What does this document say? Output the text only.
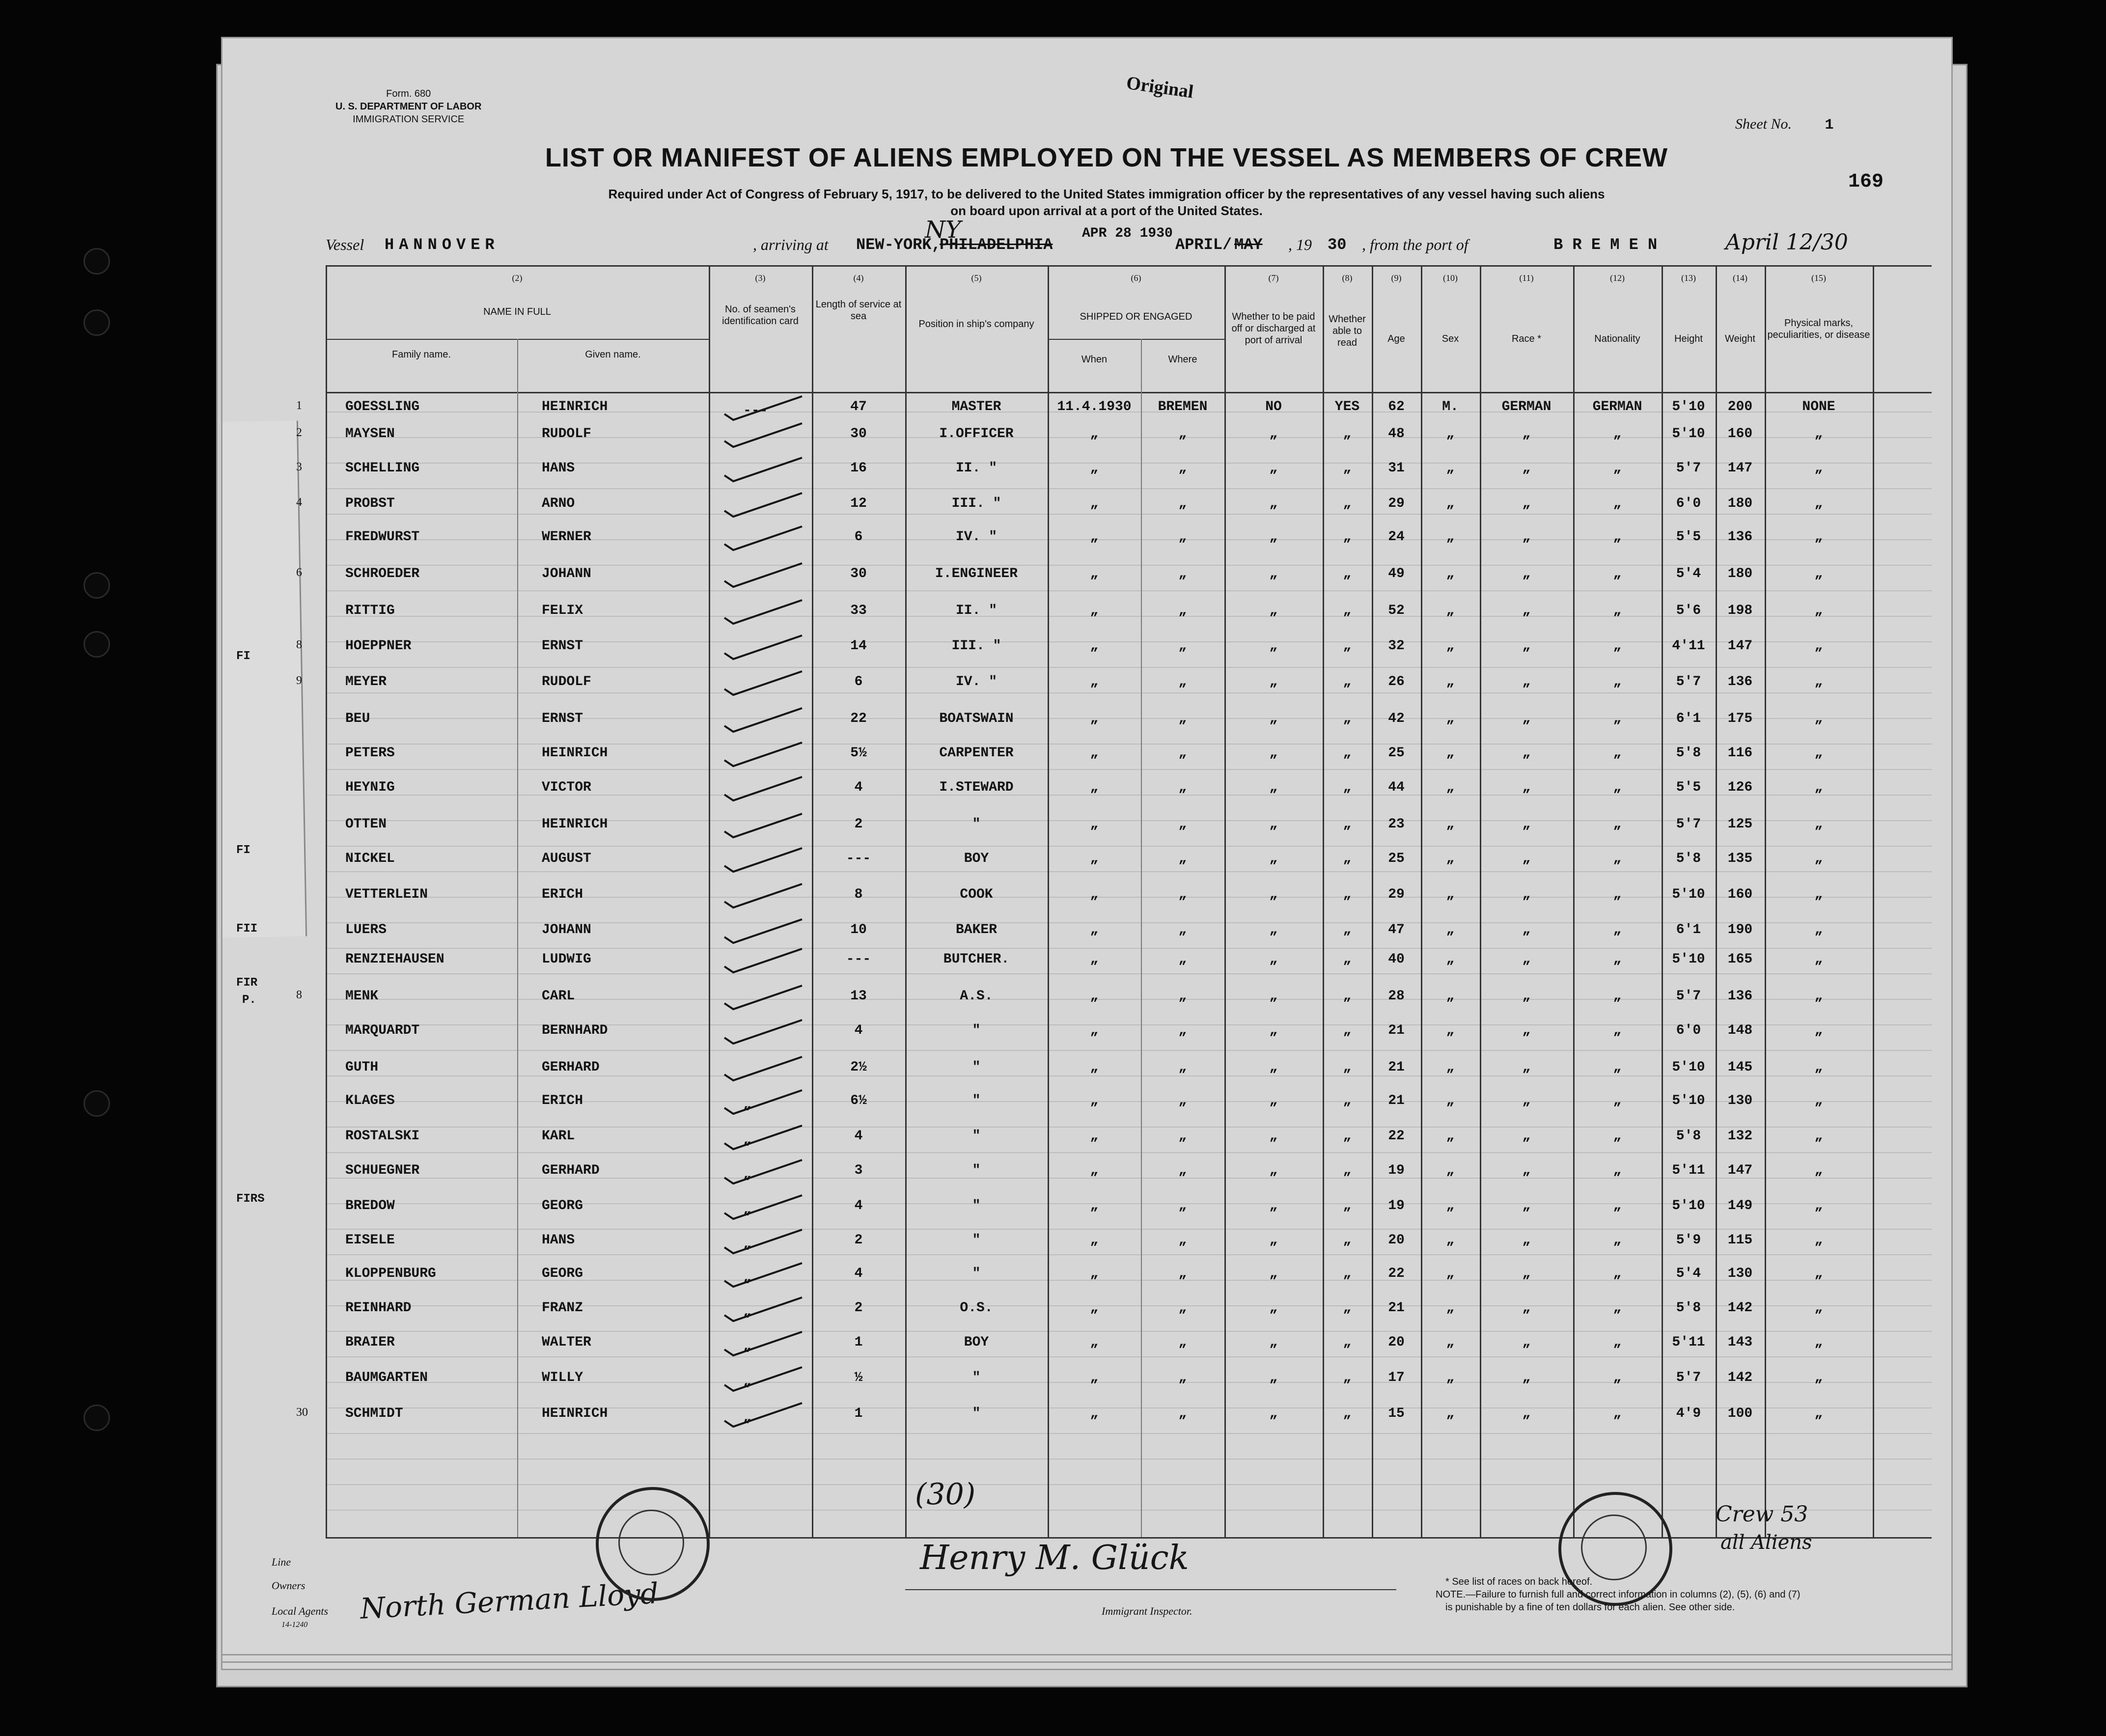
Form. 680
U. S. DEPARTMENT OF LABOR
IMMIGRATION SERVICE
Original
Sheet No. 1
LIST OR MANIFEST OF ALIENS EMPLOYED ON THE VESSEL AS MEMBERS OF CREW
Required under Act of Congress of February 5, 1917, to be delivered to the United States immigration officer by the representatives of any vessel having such aliens
on board upon arrival at a port of the United States.
169
APR 28 1930
Vessel HANNOVER	, arriving at NEW-YORK,
PHILADELPHIA
NY
APRIL/ MAY , 19 30 , from the port of	B R E M E N	April 12/30
(2)	(3)	(4)	(5)	(6)	(7)	(8)	(9)	(10)	(11)	(12)	(13)	(14)	(15)
NAME IN FULL
Family name.	Given name.
No. of seamen's identification card
Length of service at sea
Position in ship's company
SHIPPED OR ENGAGED
When	Where
Whether to be paid off or discharged at port of arrival
Whether able to read	Age	Sex	Race *	Nationality	Height	Weight
Physical marks, peculiarities, or disease
FI
FI
FII
FIR
P.
FIRS
1	GOESSLING	HEINRICH	47	MASTER	11.4.1930	BREMEN	NO	YES	62	M.	GERMAN	GERMAN	5'10	200	NONE
---
2	MAYSEN	RUDOLF	30	I.OFFICER	„	„	„	„	48	„	„	„	5'10	160	„
3	SCHELLING	HANS	16	II. "	„	„	„	„	31	„	„	„	5'7	147	„
4	PROBST	ARNO	12	III. "	„	„	„	„	29	„	„	„	6'0	180	„
FREDWURST	WERNER	6	IV. "	„	„	„	„	24	„	„	„	5'5	136	„
6	SCHROEDER	JOHANN	30	I.ENGINEER	„	„	„	„	49	„	„	„	5'4	180	„
RITTIG	FELIX	33	II. "	„	„	„	„	52	„	„	„	5'6	198	„
8	HOEPPNER	ERNST	14	III. "	„	„	„	„	32	„	„	„	4'11	147	„
9	MEYER	RUDOLF	6	IV. "	„	„	„	„	26	„	„	„	5'7	136	„
BEU	ERNST	22	BOATSWAIN	„	„	„	„	42	„	„	„	6'1	175	„
PETERS	HEINRICH	5½	CARPENTER	„	„	„	„	25	„	„	„	5'8	116	„
HEYNIG	VICTOR	4	I.STEWARD	„	„	„	„	44	„	„	„	5'5	126	„
OTTEN	HEINRICH	2	"	„	„	„	„	23	„	„	„	5'7	125	„
NICKEL	AUGUST	---	BOY	„	„	„	„	25	„	„	„	5'8	135	„
VETTERLEIN	ERICH	8	COOK	„	„	„	„	29	„	„	„	5'10	160	„
LUERS	JOHANN	10	BAKER	„	„	„	„	47	„	„	„	6'1	190	„
RENZIEHAUSEN	LUDWIG	---	BUTCHER.	„	„	„	„	40	„	„	„	5'10	165	„
8	MENK	CARL	13	A.S.	„	„	„	„	28	„	„	„	5'7	136	„
MARQUARDT	BERNHARD	4	"	„	„	„	„	21	„	„	„	6'0	148	„
GUTH	GERHARD	2½	"	„	„	„	„	21	„	„	„	5'10	145	„
KLAGES	ERICH	6½	"	„	„	„	„	21	„	„	„	5'10	130	„
„
ROSTALSKI	KARL	4	"	„	„	„	„	22	„	„	„	5'8	132	„
„
SCHUEGNER	GERHARD	3	"	„	„	„	„	19	„	„	„	5'11	147	„
„
BREDOW	GEORG	4	"	„	„	„	„	19	„	„	„	5'10	149	„
„
EISELE	HANS	2	"	„	„	„	„	20	„	„	„	5'9	115	„
„
KLOPPENBURG	GEORG	4	"	„	„	„	„	22	„	„	„	5'4	130	„
„
REINHARD	FRANZ	2	O.S.	„	„	„	„	21	„	„	„	5'8	142	„
„
BRAIER	WALTER	1	BOY	„	„	„	„	20	„	„	„	5'11	143	„
„
BAUMGARTEN	WILLY	½	"	„	„	„	„	17	„	„	„	5'7	142	„
„
30	SCHMIDT	HEINRICH	1	"	„	„	„	„	15	„	„	„	4'9	100	„
„
Line
Owners
Local Agents
14-1240 North German Lloyd
(30)
Henry M. Glück
Immigrant Inspector.
Crew 53
all Aliens
* See list of races on back hereof.
NOTE.—Failure to furnish full and correct information in columns (2), (5), (6) and (7)
is punishable by a fine of ten dollars for each alien. See other side.
